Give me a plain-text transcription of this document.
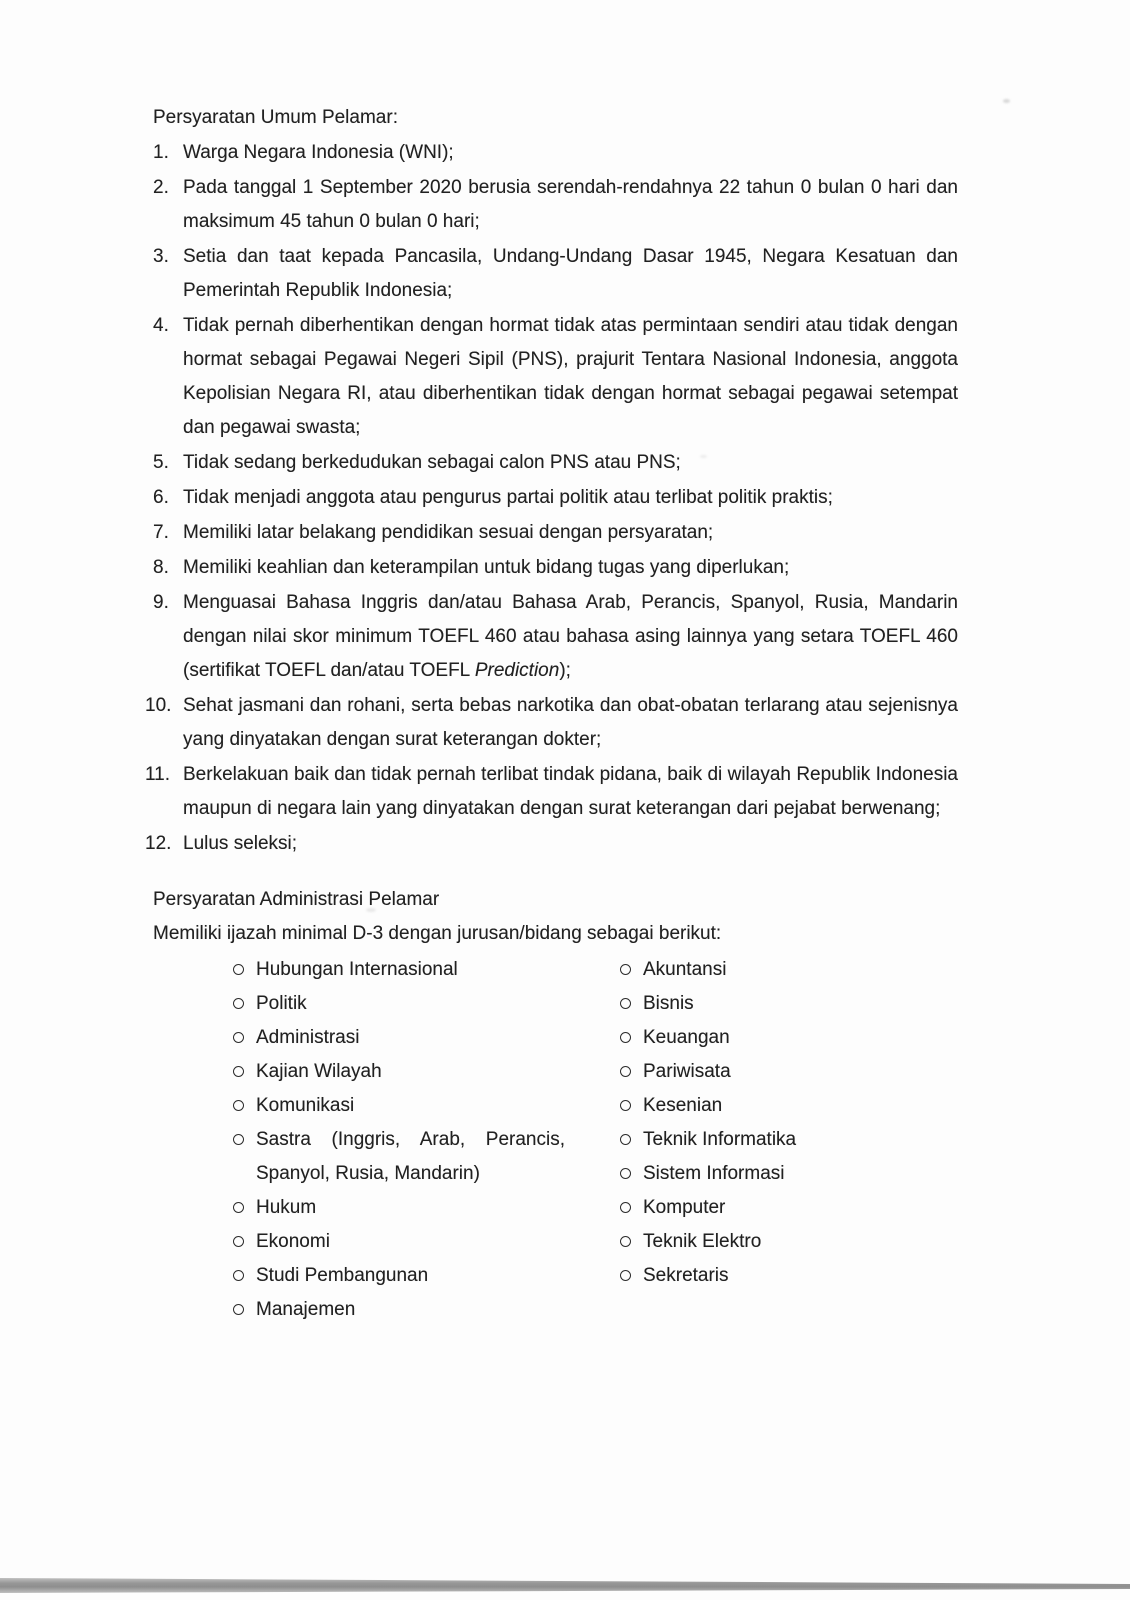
Persyaratan Umum Pelamar:
1. Warga Negara Indonesia (WNI);
2. Pada tanggal 1 September 2020 berusia serendah-rendahnya 22 tahun 0 bulan 0 hari dan maksimum 45 tahun 0 bulan 0 hari;
3. Setia dan taat kepada Pancasila, Undang-Undang Dasar 1945, Negara Kesatuan dan Pemerintah Republik Indonesia;
4. Tidak pernah diberhentikan dengan hormat tidak atas permintaan sendiri atau tidak dengan hormat sebagai Pegawai Negeri Sipil (PNS), prajurit Tentara Nasional Indonesia, anggota Kepolisian Negara RI, atau diberhentikan tidak dengan hormat sebagai pegawai setempat dan pegawai swasta;
5. Tidak sedang berkedudukan sebagai calon PNS atau PNS;
6. Tidak menjadi anggota atau pengurus partai politik atau terlibat politik praktis;
7. Memiliki latar belakang pendidikan sesuai dengan persyaratan;
8. Memiliki keahlian dan keterampilan untuk bidang tugas yang diperlukan;
9. Menguasai Bahasa Inggris dan/atau Bahasa Arab, Perancis, Spanyol, Rusia, Mandarin dengan nilai skor minimum TOEFL 460 atau bahasa asing lainnya yang setara TOEFL 460 (sertifikat TOEFL dan/atau TOEFL Prediction);
10. Sehat jasmani dan rohani, serta bebas narkotika dan obat-obatan terlarang atau sejenisnya yang dinyatakan dengan surat keterangan dokter;
11. Berkelakuan baik dan tidak pernah terlibat tindak pidana, baik di wilayah Republik Indonesia maupun di negara lain yang dinyatakan dengan surat keterangan dari pejabat berwenang;
12. Lulus seleksi;
Persyaratan Administrasi Pelamar
Memiliki ijazah minimal D-3 dengan jurusan/bidang sebagai berikut:
Hubungan Internasional
Politik
Administrasi
Kajian Wilayah
Komunikasi
Sastra (Inggris, Arab, Perancis, Spanyol, Rusia, Mandarin)
Hukum
Ekonomi
Studi Pembangunan
Manajemen
Akuntansi
Bisnis
Keuangan
Pariwisata
Kesenian
Teknik Informatika
Sistem Informasi
Komputer
Teknik Elektro
Sekretaris
